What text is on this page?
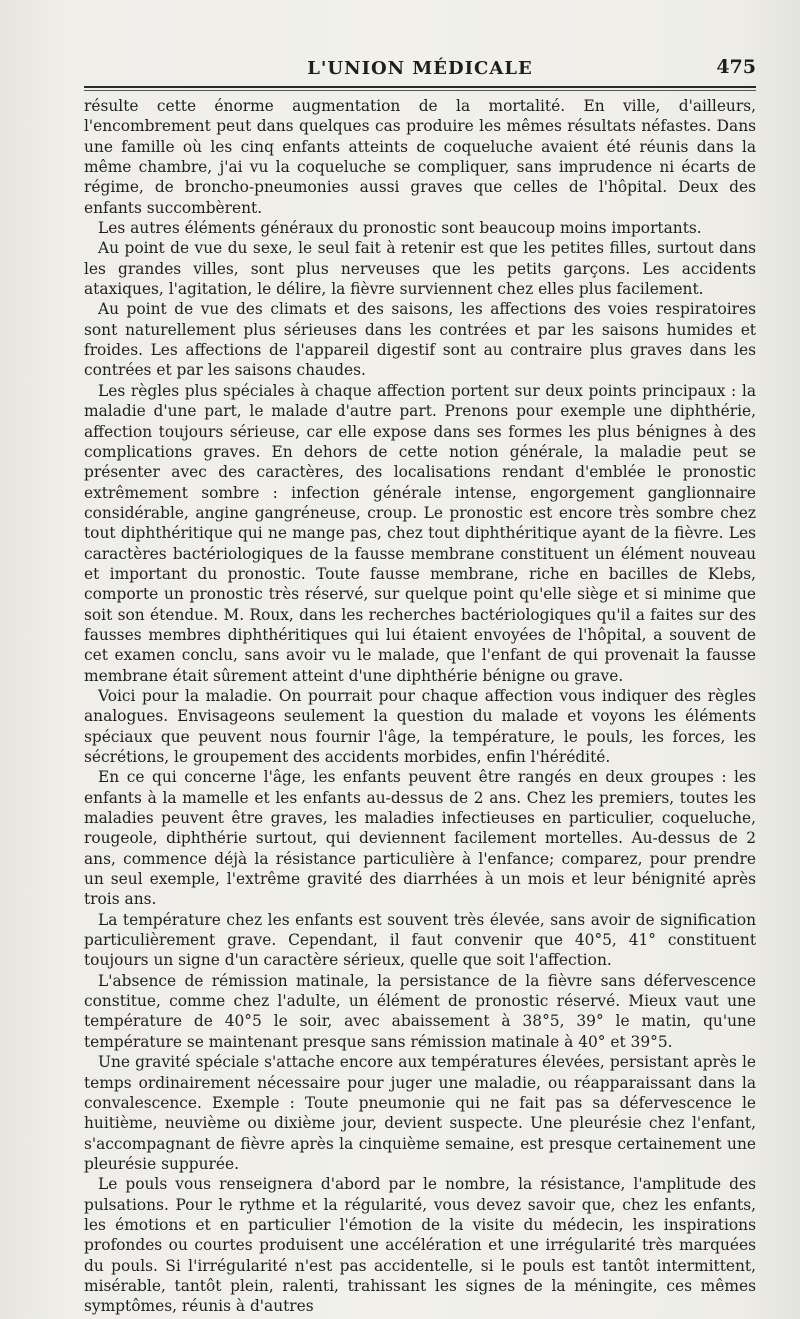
L'UNION MÉDICALE	475

résulte cette énorme augmentation de la mortalité. En ville, d'ailleurs, l'encombrement peut dans quelques cas produire les mêmes résultats néfastes. Dans une famille où les cinq enfants atteints de coqueluche avaient été réunis dans la même chambre, j'ai vu la coqueluche se compliquer, sans imprudence ni écarts de régime, de broncho-pneumonies aussi graves que celles de l'hôpital. Deux des enfants succombèrent.

Les autres éléments généraux du pronostic sont beaucoup moins importants.

Au point de vue du sexe, le seul fait à retenir est que les petites filles, surtout dans les grandes villes, sont plus nerveuses que les petits garçons. Les accidents ataxiques, l'agitation, le délire, la fièvre surviennent chez elles plus facilement.

Au point de vue des climats et des saisons, les affections des voies respiratoires sont naturellement plus sérieuses dans les contrées et par les saisons humides et froides. Les affections de l'appareil digestif sont au contraire plus graves dans les contrées et par les saisons chaudes.

Les règles plus spéciales à chaque affection portent sur deux points principaux : la maladie d'une part, le malade d'autre part. Prenons pour exemple une diphthérie, affection toujours sérieuse, car elle expose dans ses formes les plus bénignes à des complications graves. En dehors de cette notion générale, la maladie peut se présenter avec des caractères, des localisations rendant d'emblée le pronostic extrêmement sombre : infection générale intense, engorgement ganglionnaire considérable, angine gangréneuse, croup. Le pronostic est encore très sombre chez tout diphthéritique qui ne mange pas, chez tout diphthéritique ayant de la fièvre. Les caractères bactériologiques de la fausse membrane constituent un élément nouveau et important du pronostic. Toute fausse membrane, riche en bacilles de Klebs, comporte un pronostic très réservé, sur quelque point qu'elle siège et si minime que soit son étendue. M. Roux, dans les recherches bactériologiques qu'il a faites sur des fausses membres diphthéritiques qui lui étaient envoyées de l'hôpital, a souvent de cet examen conclu, sans avoir vu le malade, que l'enfant de qui provenait la fausse membrane était sûrement atteint d'une diphthérie bénigne ou grave.

Voici pour la maladie. On pourrait pour chaque affection vous indiquer des règles analogues. Envisageons seulement la question du malade et voyons les éléments spéciaux que peuvent nous fournir l'âge, la température, le pouls, les forces, les sécrétions, le groupement des accidents morbides, enfin l'hérédité.

En ce qui concerne l'âge, les enfants peuvent être rangés en deux groupes : les enfants à la mamelle et les enfants au-dessus de 2 ans. Chez les premiers, toutes les maladies peuvent être graves, les maladies infectieuses en particulier, coqueluche, rougeole, diphthérie surtout, qui deviennent facilement mortelles. Au-dessus de 2 ans, commence déjà la résistance particulière à l'enfance; comparez, pour prendre un seul exemple, l'extrême gravité des diarrhées à un mois et leur bénignité après trois ans.

La température chez les enfants est souvent très élevée, sans avoir de signification particulièrement grave. Cependant, il faut convenir que 40°5, 41° constituent toujours un signe d'un caractère sérieux, quelle que soit l'affection.

L'absence de rémission matinale, la persistance de la fièvre sans défervescence constitue, comme chez l'adulte, un élément de pronostic réservé. Mieux vaut une température de 40°5 le soir, avec abaissement à 38°5, 39° le matin, qu'une température se maintenant presque sans rémission matinale à 40° et 39°5.

Une gravité spéciale s'attache encore aux températures élevées, persistant après le temps ordinairement nécessaire pour juger une maladie, ou réapparaissant dans la convalescence. Exemple : Toute pneumonie qui ne fait pas sa défervescence le huitième, neuvième ou dixième jour, devient suspecte. Une pleurésie chez l'enfant, s'accompagnant de fièvre après la cinquième semaine, est presque certainement une pleurésie suppurée.

Le pouls vous renseignera d'abord par le nombre, la résistance, l'amplitude des pulsations. Pour le rythme et la régularité, vous devez savoir que, chez les enfants, les émotions et en particulier l'émotion de la visite du médecin, les inspirations profondes ou courtes produisent une accélération et une irrégularité très marquées du pouls. Si l'irrégularité n'est pas accidentelle, si le pouls est tantôt intermittent, misérable, tantôt plein, ralenti, trahissant les signes de la méningite, ces mêmes symptômes, réunis à d'autres
